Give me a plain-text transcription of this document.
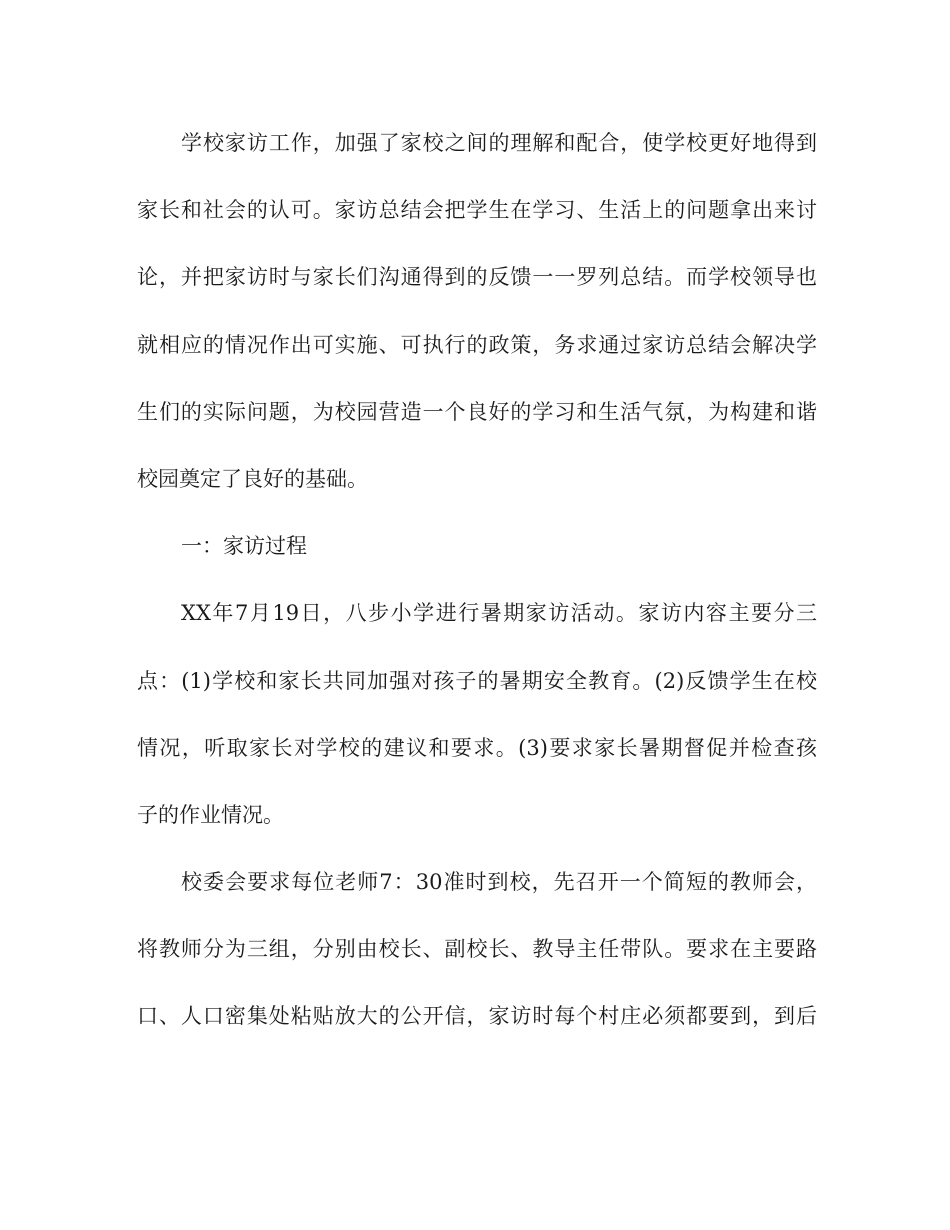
学校家访工作，加强了家校之间的理解和配合，使学校更好地得到
家长和社会的认可。家访总结会把学生在学习、生活上的问题拿出来讨
论，并把家访时与家长们沟通得到的反馈一一罗列总结。而学校领导也
就相应的情况作出可实施、可执行的政策，务求通过家访总结会解决学
生们的实际问题，为校园营造一个良好的学习和生活气氛，为构建和谐
校园奠定了良好的基础。
一：家访过程
XX年7月19日，八步小学进行暑期家访活动。家访内容主要分三
点：(1)学校和家长共同加强对孩子的暑期安全教育。(2)反馈学生在校
情况，听取家长对学校的建议和要求。(3)要求家长暑期督促并检查孩
子的作业情况。
校委会要求每位老师7：30准时到校，先召开一个简短的教师会，
将教师分为三组，分别由校长、副校长、教导主任带队。要求在主要路
口、人口密集处粘贴放大的公开信，家访时每个村庄必须都要到，到后
